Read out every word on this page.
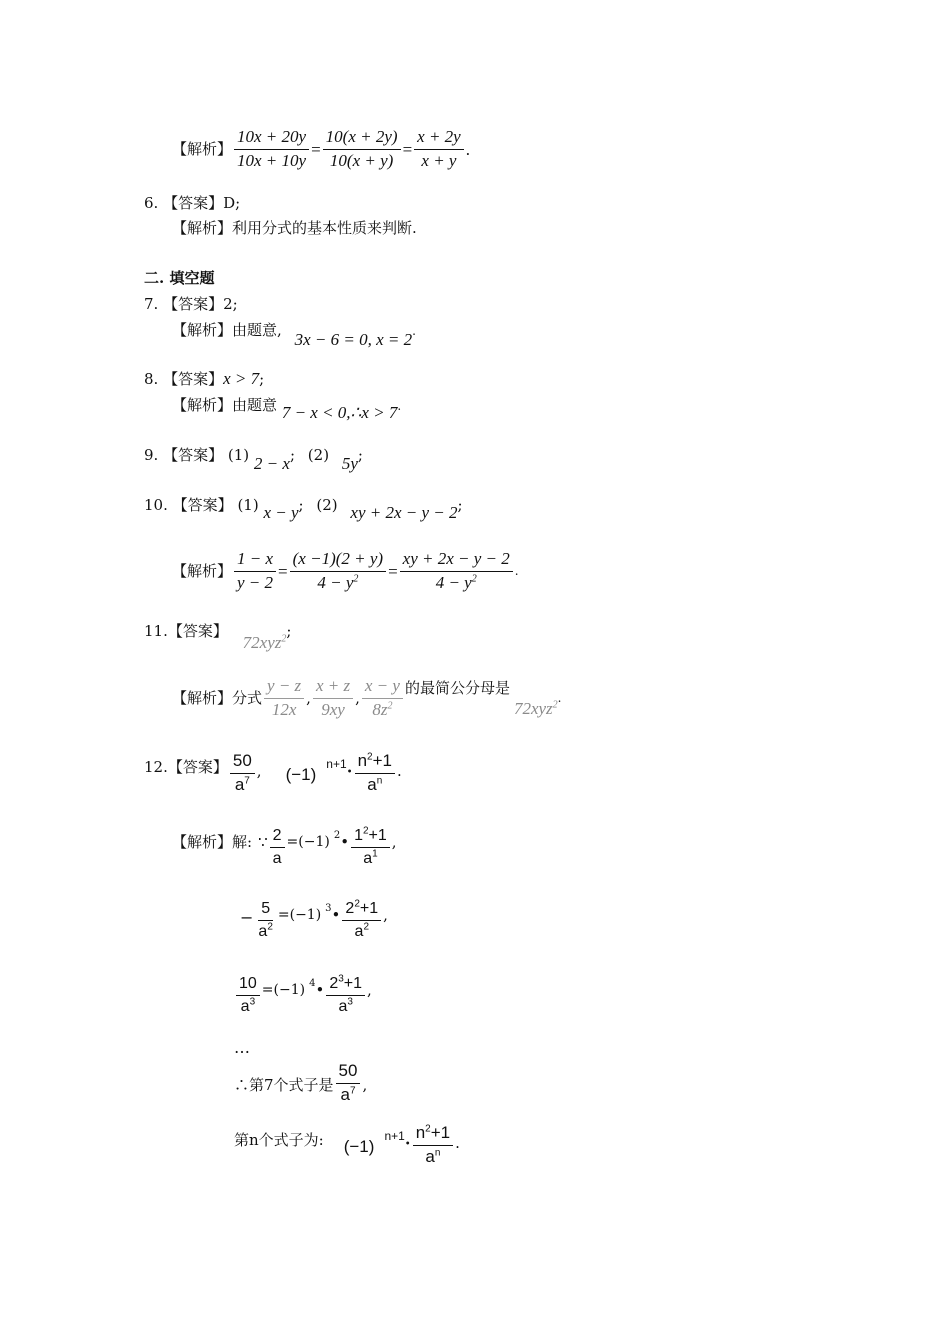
【解析】 $\frac{10x + 20y}{10x + 10y} = \frac{10(x + 2y)}{10(x + y)} = \frac{x + 2y}{x + y}$ .
6. 【答案】D;
【解析】利用分式的基本性质来判断.
二. 填空题
7. 【答案】2;
【解析】由题意, 3x − 6 = 0, x = 2.
8. 【答案】x > 7;
【解析】由题意 7 − x < 0,∴x > 7.
9. 【答案】 (1) 2 − x; (2) 5y;
10. 【答案】 (1) x − y; (2) xy + 2x − y − 2;
【解析】 $\frac{1 - x}{y - 2} = \frac{(x -1)(2 + y)}{4 - y^2} = \frac{xy + 2x - y - 2}{4 - y^2}$ .
11.【答案】 72xyz$^2$;
【解析】 分式 $\frac{y - z}{12x}$ , $\frac{x + z}{9xy}$ , $\frac{x - y}{8z^2}$ 的最简公分母是
72xyz$^2$ .
12. 【答案】 $\frac{50}{a^7}$ , (−1)
n+1
• $\frac{n^2+1}{a^n}$ .
【解析】 解: ∵ $\frac{2}{a} =(-1)$ 2 • $\frac{1^2+1}{a^1}$ ,
− $\frac{5}{a^2} =(-1)$ 3 • $\frac{2^2+1}{a^2}$ ,
$\frac{10}{a^3} =(-1)$ 4 • $\frac{2^3+1}{a^3}$ ,
…
∴第7个式子是 $\frac{50}{a^7}$ ,
第n个式子为: (−1)
n+1
• $\frac{n^2+1}{a^n}$ .
